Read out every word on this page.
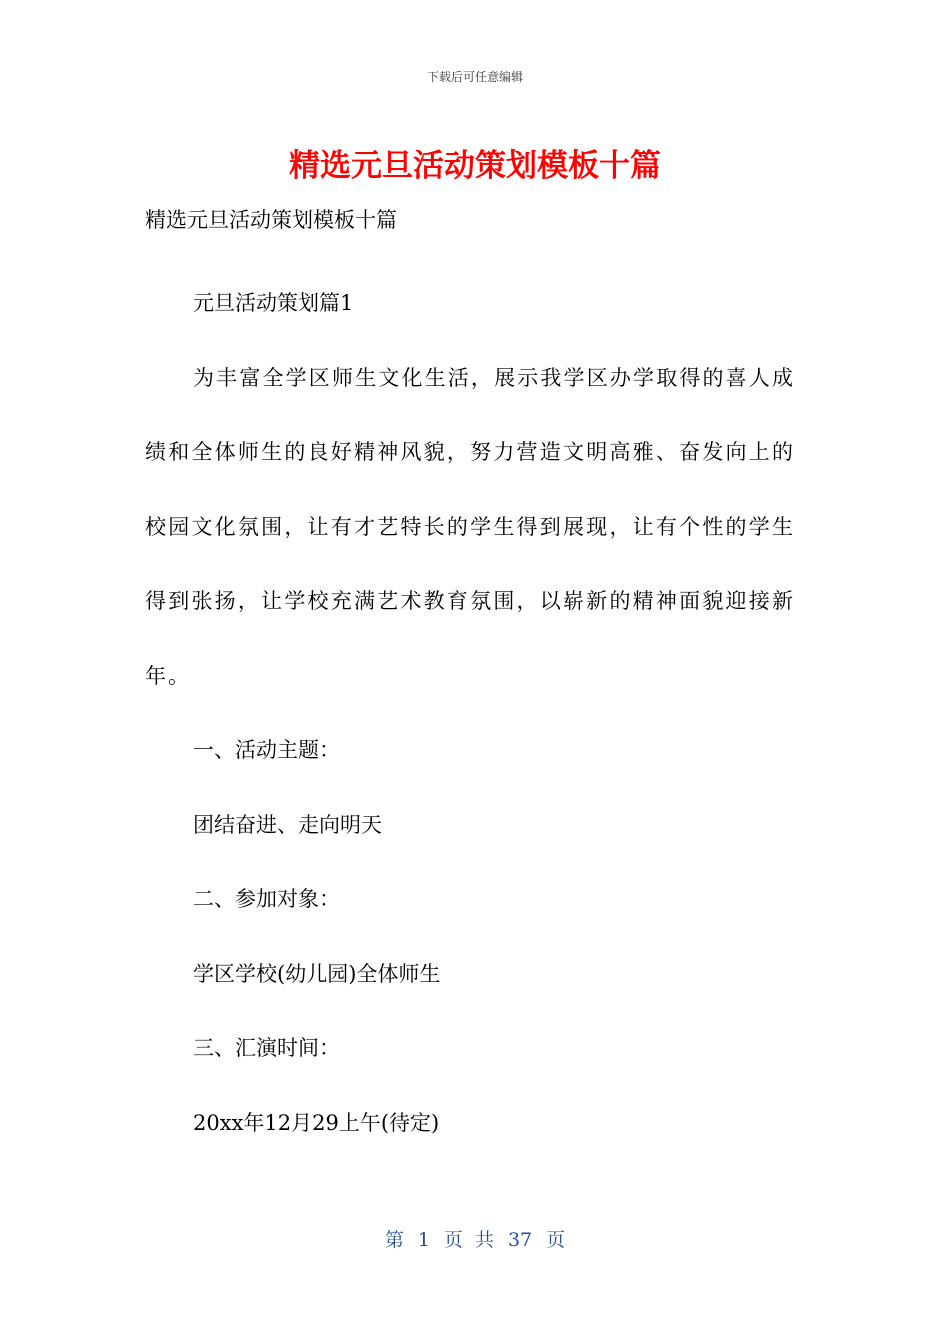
下载后可任意编辑
精选元旦活动策划模板十篇

精选元旦活动策划模板十篇

元旦活动策划篇1

为丰富全学区师生文化生活，展示我学区办学取得的喜人成绩和全体师生的良好精神风貌，努力营造文明高雅、奋发向上的校园文化氛围，让有才艺特长的学生得到展现，让有个性的学生得到张扬，让学校充满艺术教育氛围，以崭新的精神面貌迎接新年。

一、活动主题：

团结奋进、走向明天

二、参加对象：

学区学校(幼儿园)全体师生

三、汇演时间：

20xx年12月29上午(待定)

第 1 页 共 37 页
